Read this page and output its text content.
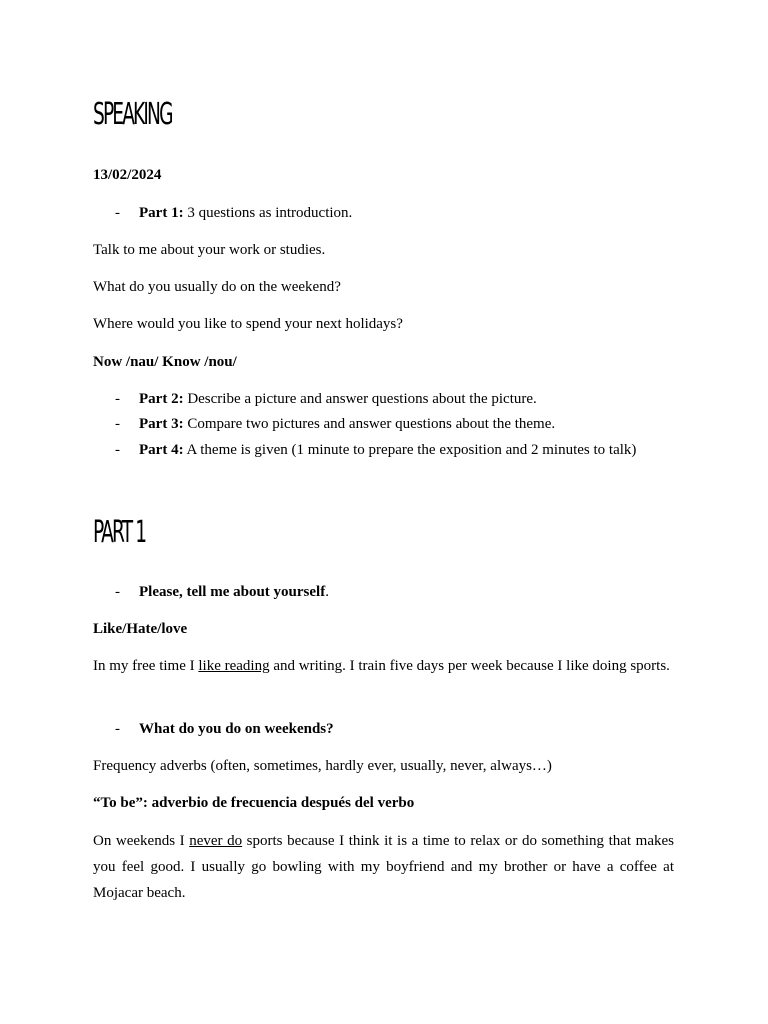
SPEAKING

13/02/2024

- Part 1: 3 questions as introduction.

Talk to me about your work or studies.

What do you usually do on the weekend?

Where would you like to spend your next holidays?

Now /nau/ Know /nou/

- Part 2: Describe a picture and answer questions about the picture.
- Part 3: Compare two pictures and answer questions about the theme.
- Part 4: A theme is given (1 minute to prepare the exposition and 2 minutes to talk)
PART 1
- Please, tell me about yourself.

Like/Hate/love

In my free time I like reading and writing. I train five days per week because I like doing sports.

- What do you do on weekends?

Frequency adverbs (often, sometimes, hardly ever, usually, never, always…)

“To be”: adverbio de frecuencia después del verbo

On weekends I never do sports because I think it is a time to relax or do something that makes you feel good. I usually go bowling with my boyfriend and my brother or have a coffee at Mojacar beach.
